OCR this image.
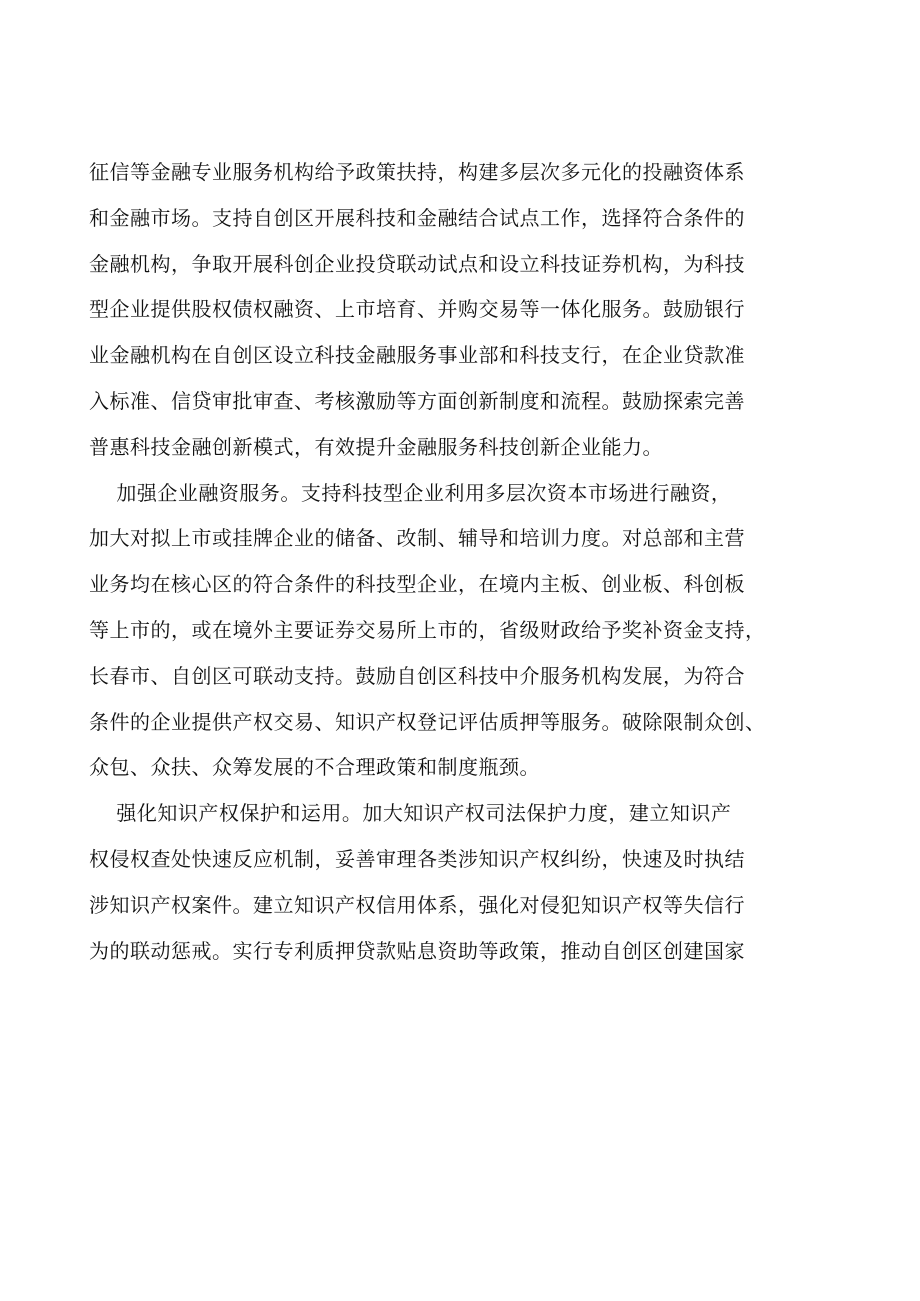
征信等金融专业服务机构给予政策扶持，构建多层次多元化的投融资体系
和金融市场。支持自创区开展科技和金融结合试点工作，选择符合条件的
金融机构，争取开展科创企业投贷联动试点和设立科技证券机构，为科技
型企业提供股权债权融资、上市培育、并购交易等一体化服务。鼓励银行
业金融机构在自创区设立科技金融服务事业部和科技支行，在企业贷款准
入标准、信贷审批审查、考核激励等方面创新制度和流程。鼓励探索完善
普惠科技金融创新模式，有效提升金融服务科技创新企业能力。
加强企业融资服务。支持科技型企业利用多层次资本市场进行融资，
加大对拟上市或挂牌企业的储备、改制、辅导和培训力度。对总部和主营
业务均在核心区的符合条件的科技型企业，在境内主板、创业板、科创板
等上市的，或在境外主要证券交易所上市的，省级财政给予奖补资金支持，
长春市、自创区可联动支持。鼓励自创区科技中介服务机构发展，为符合
条件的企业提供产权交易、知识产权登记评估质押等服务。破除限制众创、
众包、众扶、众筹发展的不合理政策和制度瓶颈。
强化知识产权保护和运用。加大知识产权司法保护力度，建立知识产
权侵权查处快速反应机制，妥善审理各类涉知识产权纠纷，快速及时执结
涉知识产权案件。建立知识产权信用体系，强化对侵犯知识产权等失信行
为的联动惩戒。实行专利质押贷款贴息资助等政策，推动自创区创建国家
